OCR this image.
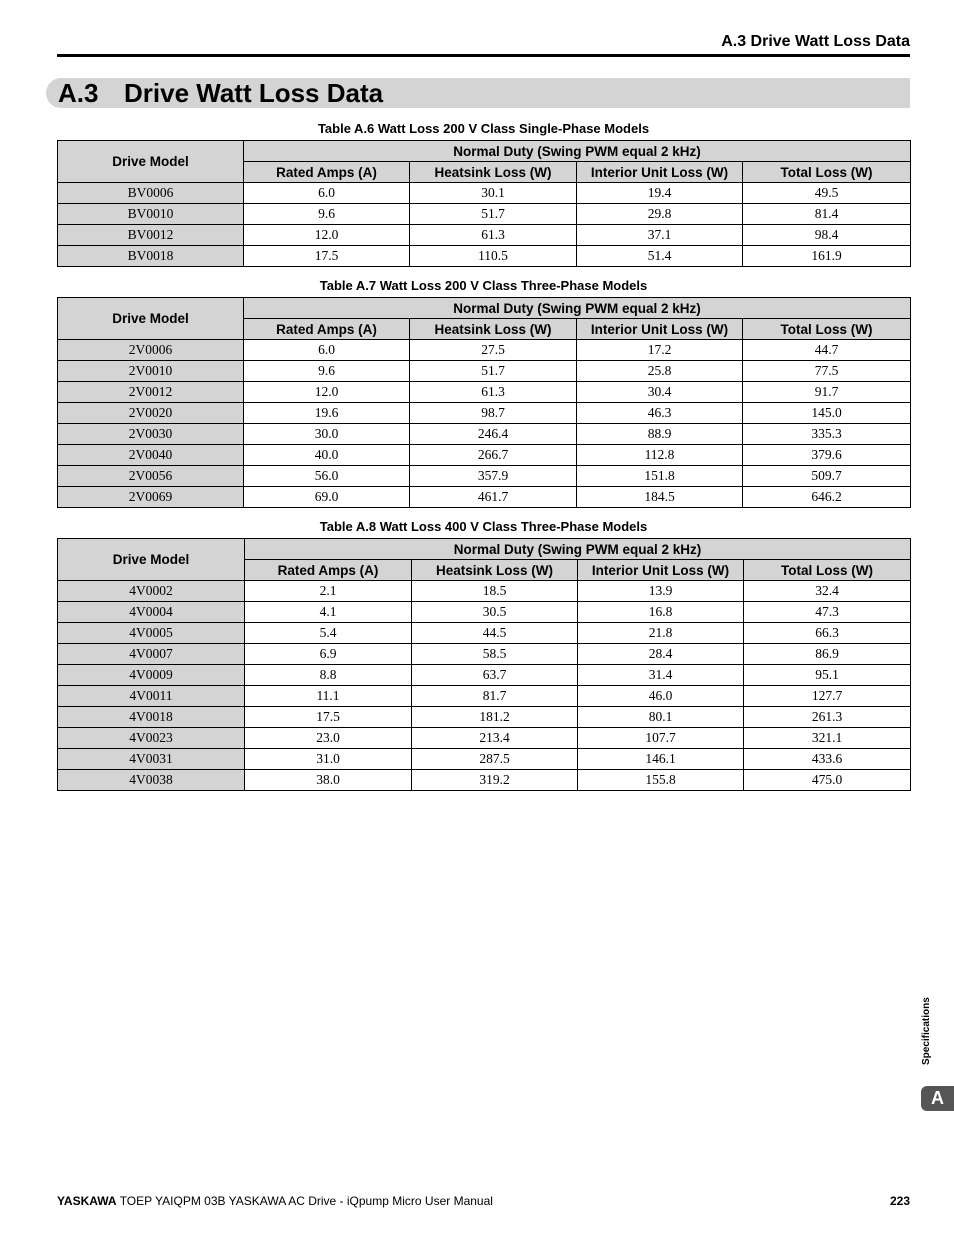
A.3 Drive Watt Loss Data
A.3 Drive Watt Loss Data
Table A.6 Watt Loss 200 V Class Single-Phase Models
Drive Model	Normal Duty (Swing PWM equal 2 kHz)			
	Rated Amps (A)	Heatsink Loss (W)	Interior Unit Loss (W)	Total Loss (W)
BV0006	6.0	30.1	19.4	49.5
BV0010	9.6	51.7	29.8	81.4
BV0012	12.0	61.3	37.1	98.4
BV0018	17.5	110.5	51.4	161.9
Table A.7 Watt Loss 200 V Class Three-Phase Models
Drive Model	Normal Duty (Swing PWM equal 2 kHz)			
	Rated Amps (A)	Heatsink Loss (W)	Interior Unit Loss (W)	Total Loss (W)
2V0006	6.0	27.5	17.2	44.7
2V0010	9.6	51.7	25.8	77.5
2V0012	12.0	61.3	30.4	91.7
2V0020	19.6	98.7	46.3	145.0
2V0030	30.0	246.4	88.9	335.3
2V0040	40.0	266.7	112.8	379.6
2V0056	56.0	357.9	151.8	509.7
2V0069	69.0	461.7	184.5	646.2
Table A.8 Watt Loss 400 V Class Three-Phase Models
Drive Model	Normal Duty (Swing PWM equal 2 kHz)			
	Rated Amps (A)	Heatsink Loss (W)	Interior Unit Loss (W)	Total Loss (W)
4V0002	2.1	18.5	13.9	32.4
4V0004	4.1	30.5	16.8	47.3
4V0005	5.4	44.5	21.8	66.3
4V0007	6.9	58.5	28.4	86.9
4V0009	8.8	63.7	31.4	95.1
4V0011	11.1	81.7	46.0	127.7
4V0018	17.5	181.2	80.1	261.3
4V0023	23.0	213.4	107.7	321.1
4V0031	31.0	287.5	146.1	433.6
4V0038	38.0	319.2	155.8	475.0
Specifications
A
YASKAWA TOEP YAIQPM 03B YASKAWA AC Drive - iQpump Micro User Manual	223
